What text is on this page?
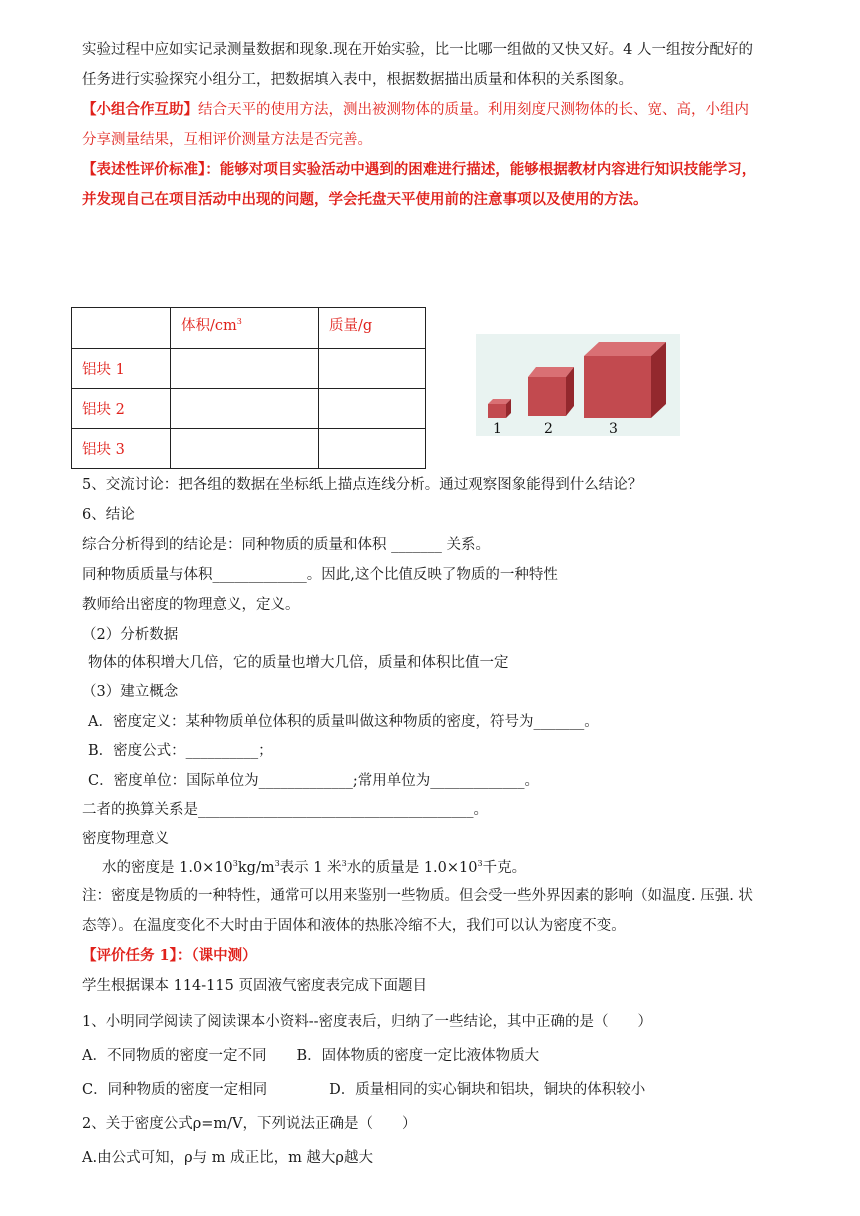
实验过程中应如实记录测量数据和现象.现在开始实验，比一比哪一组做的又快又好。4 人一组按分配好的
任务进行实验探究小组分工，把数据填入表中，根据数据描出质量和体积的关系图象。
【小组合作互助】结合天平的使用方法，测出被测物体的质量。利用刻度尺测物体的长、宽、高，小组内
分享测量结果，互相评价测量方法是否完善。
【表述性评价标准】：能够对项目实验活动中遇到的困难进行描述，能够根据教材内容进行知识技能学习，
并发现自己在项目活动中出现的问题，学会托盘天平使用前的注意事项以及使用的方法。
	体积$/cm^3$	质量/g
铝块 1		
铝块 2		
铝块 3		
1	2	3
5、交流讨论：把各组的数据在坐标纸上描点连线分析。通过观察图象能得到什么结论？
6、结论
综合分析得到的结论是：同种物质的质量和体积 _______ 关系。
同种物质质量与体积_____________。因此,这个比值反映了物质的一种特性
教师给出密度的物理意义，定义。
（2）分析数据
物体的体积增大几倍，它的质量也增大几倍，质量和体积比值一定
（3）建立概念
A．密度定义：某种物质单位体积的质量叫做这种物质的密度，符号为_______。
B．密度公式：__________；
C．密度单位：国际单位为_____________;常用单位为_____________。
二者的换算关系是______________________________________。
密度物理意义
水的密度是 $1.0\times 10^3kg/m^3$表示 1 米$^3$水的质量是 $1.0\times 10^3$千克。
注：密度是物质的一种特性，通常可以用来鉴别一些物质。但会受一些外界因素的影响（如温度. 压强. 状
态等）。在温度变化不大时由于固体和液体的热胀冷缩不大，我们可以认为密度不变。
【评价任务 1】：（课中测）
学生根据课本 114-115 页固液气密度表完成下面题目
1、小明同学阅读了阅读课本小资料--密度表后，归纳了一些结论，其中正确的是（　　）
A．不同物质的密度一定不同 B．固体物质的密度一定比液体物质大
C．同种物质的密度一定相同	D．质量相同的实心铜块和铝块，铜块的体积较小
2、关于密度公式ρ=m/V，下列说法正确是（　　）
A.由公式可知，ρ与 m 成正比，m 越大ρ越大
